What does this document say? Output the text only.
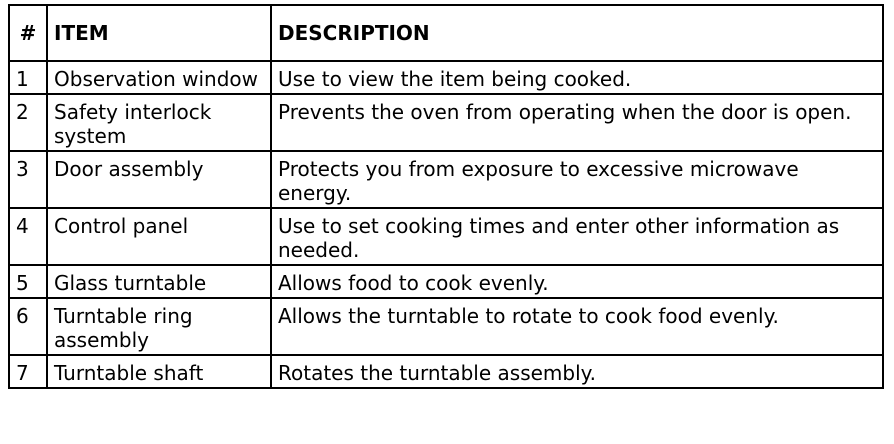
#	ITEM	DESCRIPTION
1	Observation window	Use to view the item being cooked.
2	Safety interlock system	Prevents the oven from operating when the door is open.
3	Door assembly	Protects you from exposure to excessive microwave energy.
4	Control panel	Use to set cooking times and enter other information as needed.
5	Glass turntable	Allows food to cook evenly.
6	Turntable ring assembly	Allows the turntable to rotate to cook food evenly.
7	Turntable shaft	Rotates the turntable assembly.
